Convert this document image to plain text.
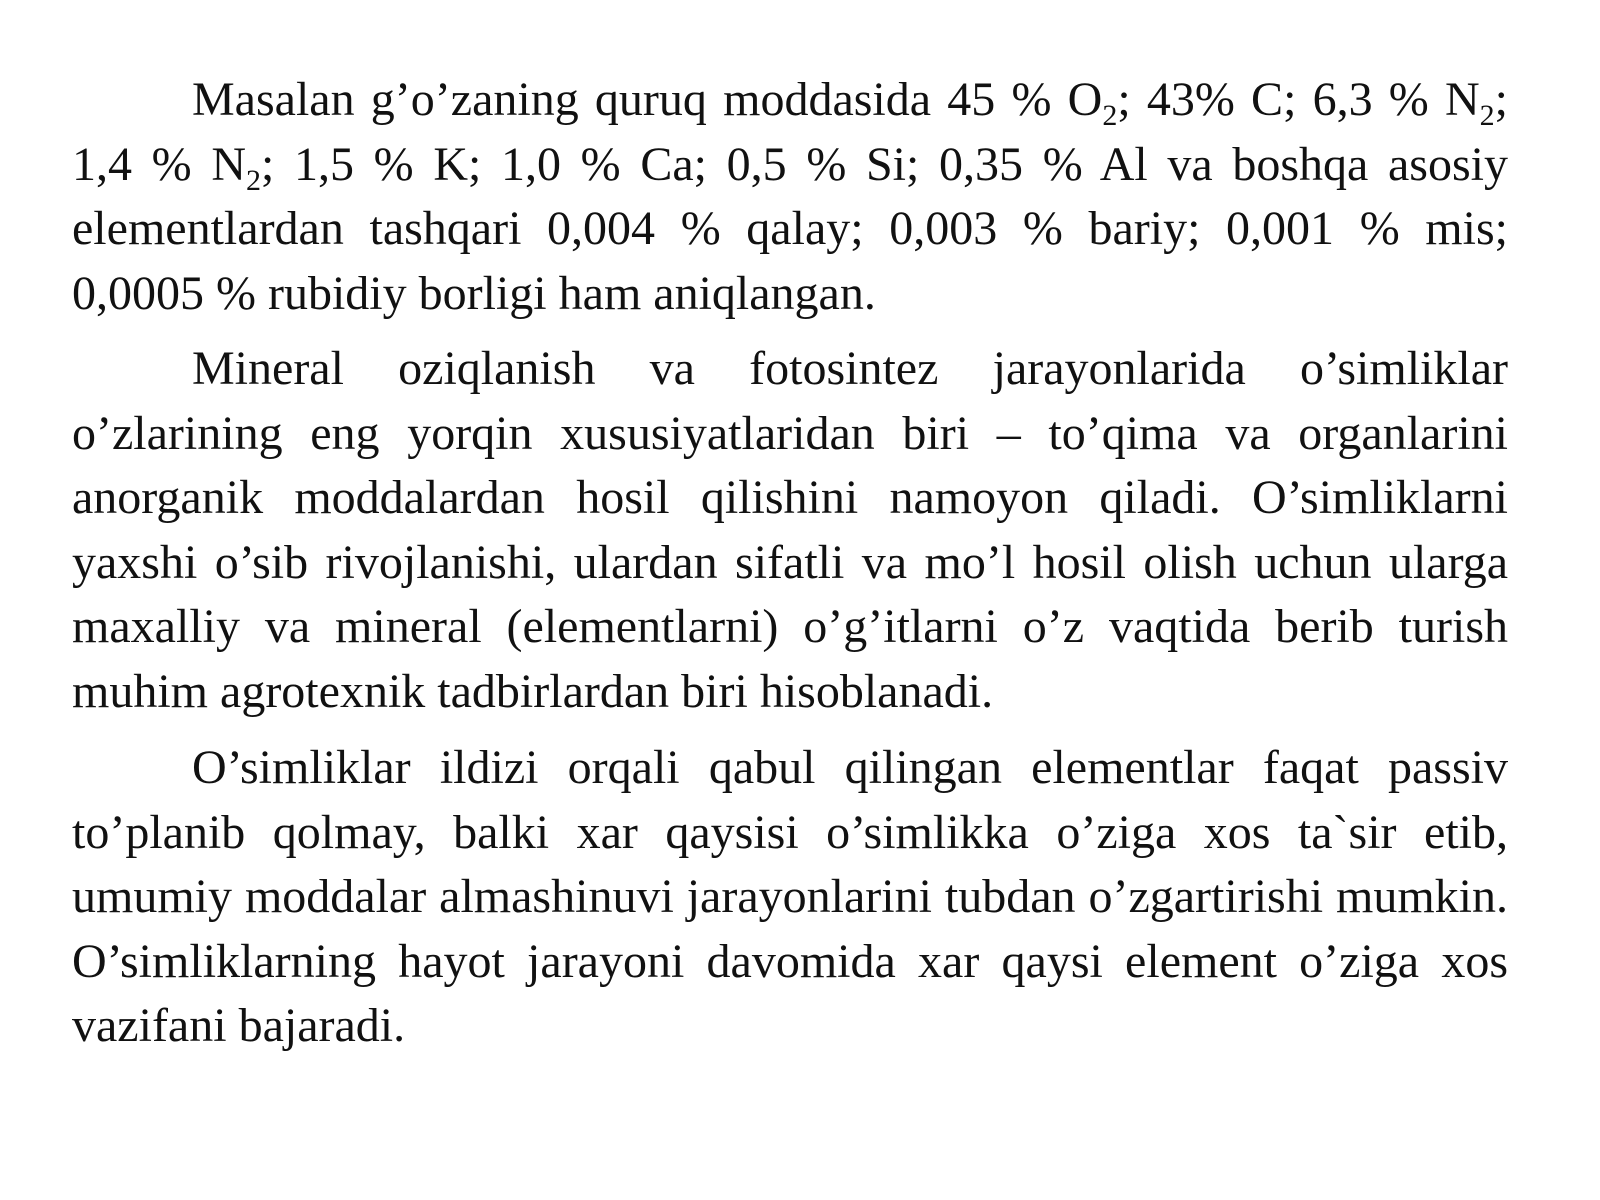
Masalan g’o’zaning quruq moddasida 45 % $O_2$; 43% C; 6,3 % $N_2$; 1,4 % $N_2$; 1,5 % K; 1,0 % Ca; 0,5 % Si; 0,35 % Al va boshqa asosiy elementlardan tashqari 0,004 % qalay; 0,003 % bariy; 0,001 % mis; 0,0005 % rubidiy borligi ham aniqlangan.

Mineral oziqlanish va fotosintez jarayonlarida o’simliklar o’zlarining eng yorqin xususiyatlaridan biri – to’qima va organlarini anorganik moddalardan hosil qilishini namoyon qiladi. O’simliklarni yaxshi o’sib rivojlanishi, ulardan sifatli va mo’l hosil olish uchun ularga maxalliy va mineral (elementlarni) o’g’itlarni o’z vaqtida berib turish muhim agrotexnik tadbirlardan biri hisoblanadi.

O’simliklar ildizi orqali qabul qilingan elementlar faqat passiv to’planib qolmay, balki xar qaysisi o’simlikka o’ziga xos ta`sir etib, umumiy moddalar almashinuvi jarayonlarini tubdan o’zgartirishi mumkin. O’simliklarning hayot jarayoni davomida xar qaysi element o’ziga xos vazifani bajaradi.
